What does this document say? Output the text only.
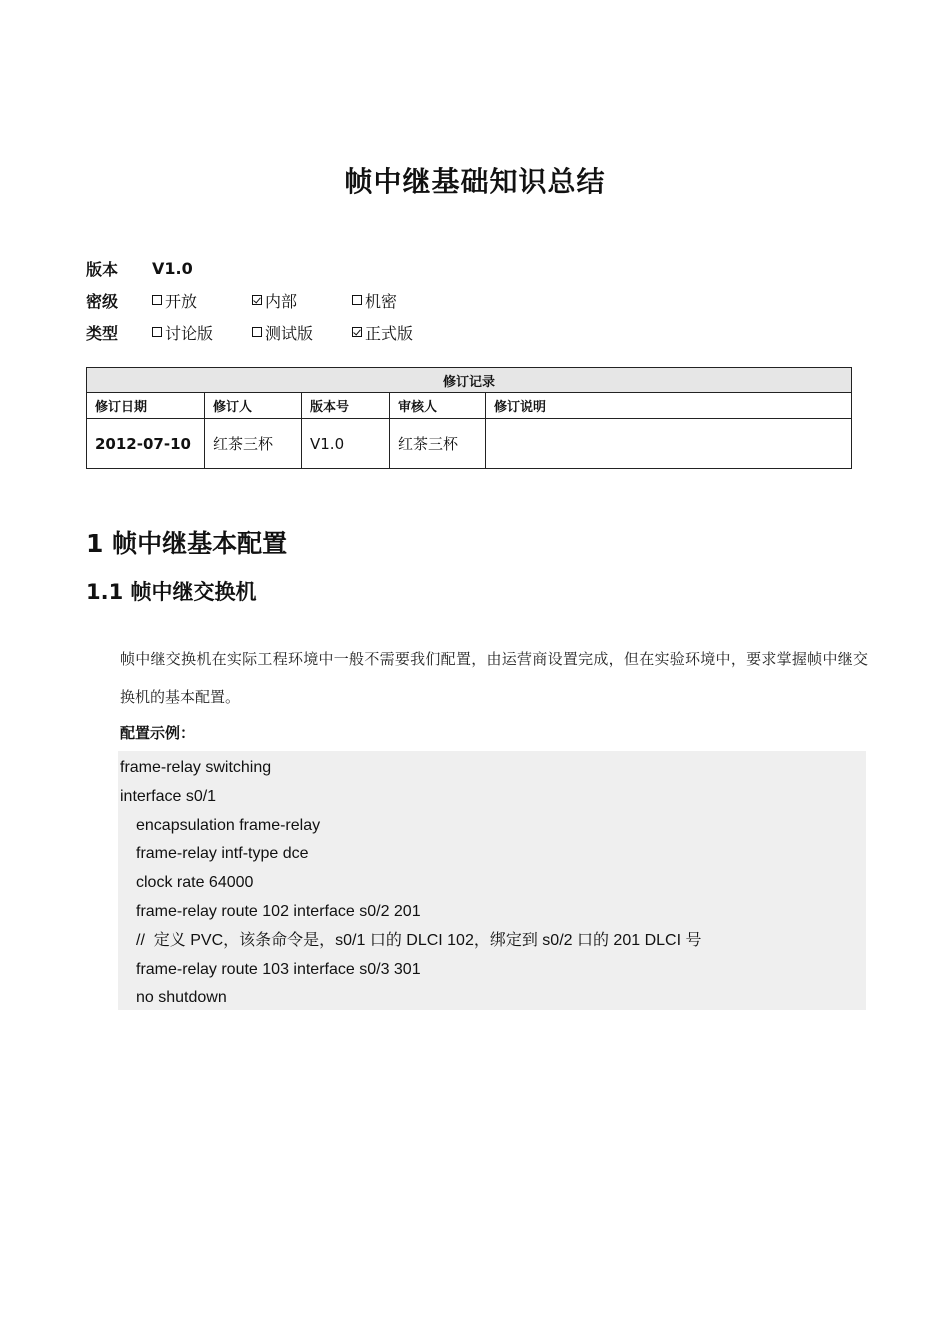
帧中继基础知识总结
版本	V1.0
密级	开放	内部	机密
类型	讨论版	测试版	正式版
修订记录				
修订日期	修订人	版本号	审核人	修订说明
2012-07-10	红茶三杯	V1.0	红茶三杯	
1 帧中继基本配置
1.1 帧中继交换机
帧中继交换机在实际工程环境中一般不需要我们配置，由运营商设置完成，但在实验环境中，要求掌握帧中继交换机的基本配置。
配置示例：
frame-relay switching
interface s0/1
encapsulation frame-relay
frame-relay intf-type dce
clock rate 64000
frame-relay route 102 interface s0/2 201
//  定义 PVC，该条命令是，s0/1 口的 DLCI 102，绑定到 s0/2 口的 201 DLCI 号
frame-relay route 103 interface s0/3 301
no shutdown
